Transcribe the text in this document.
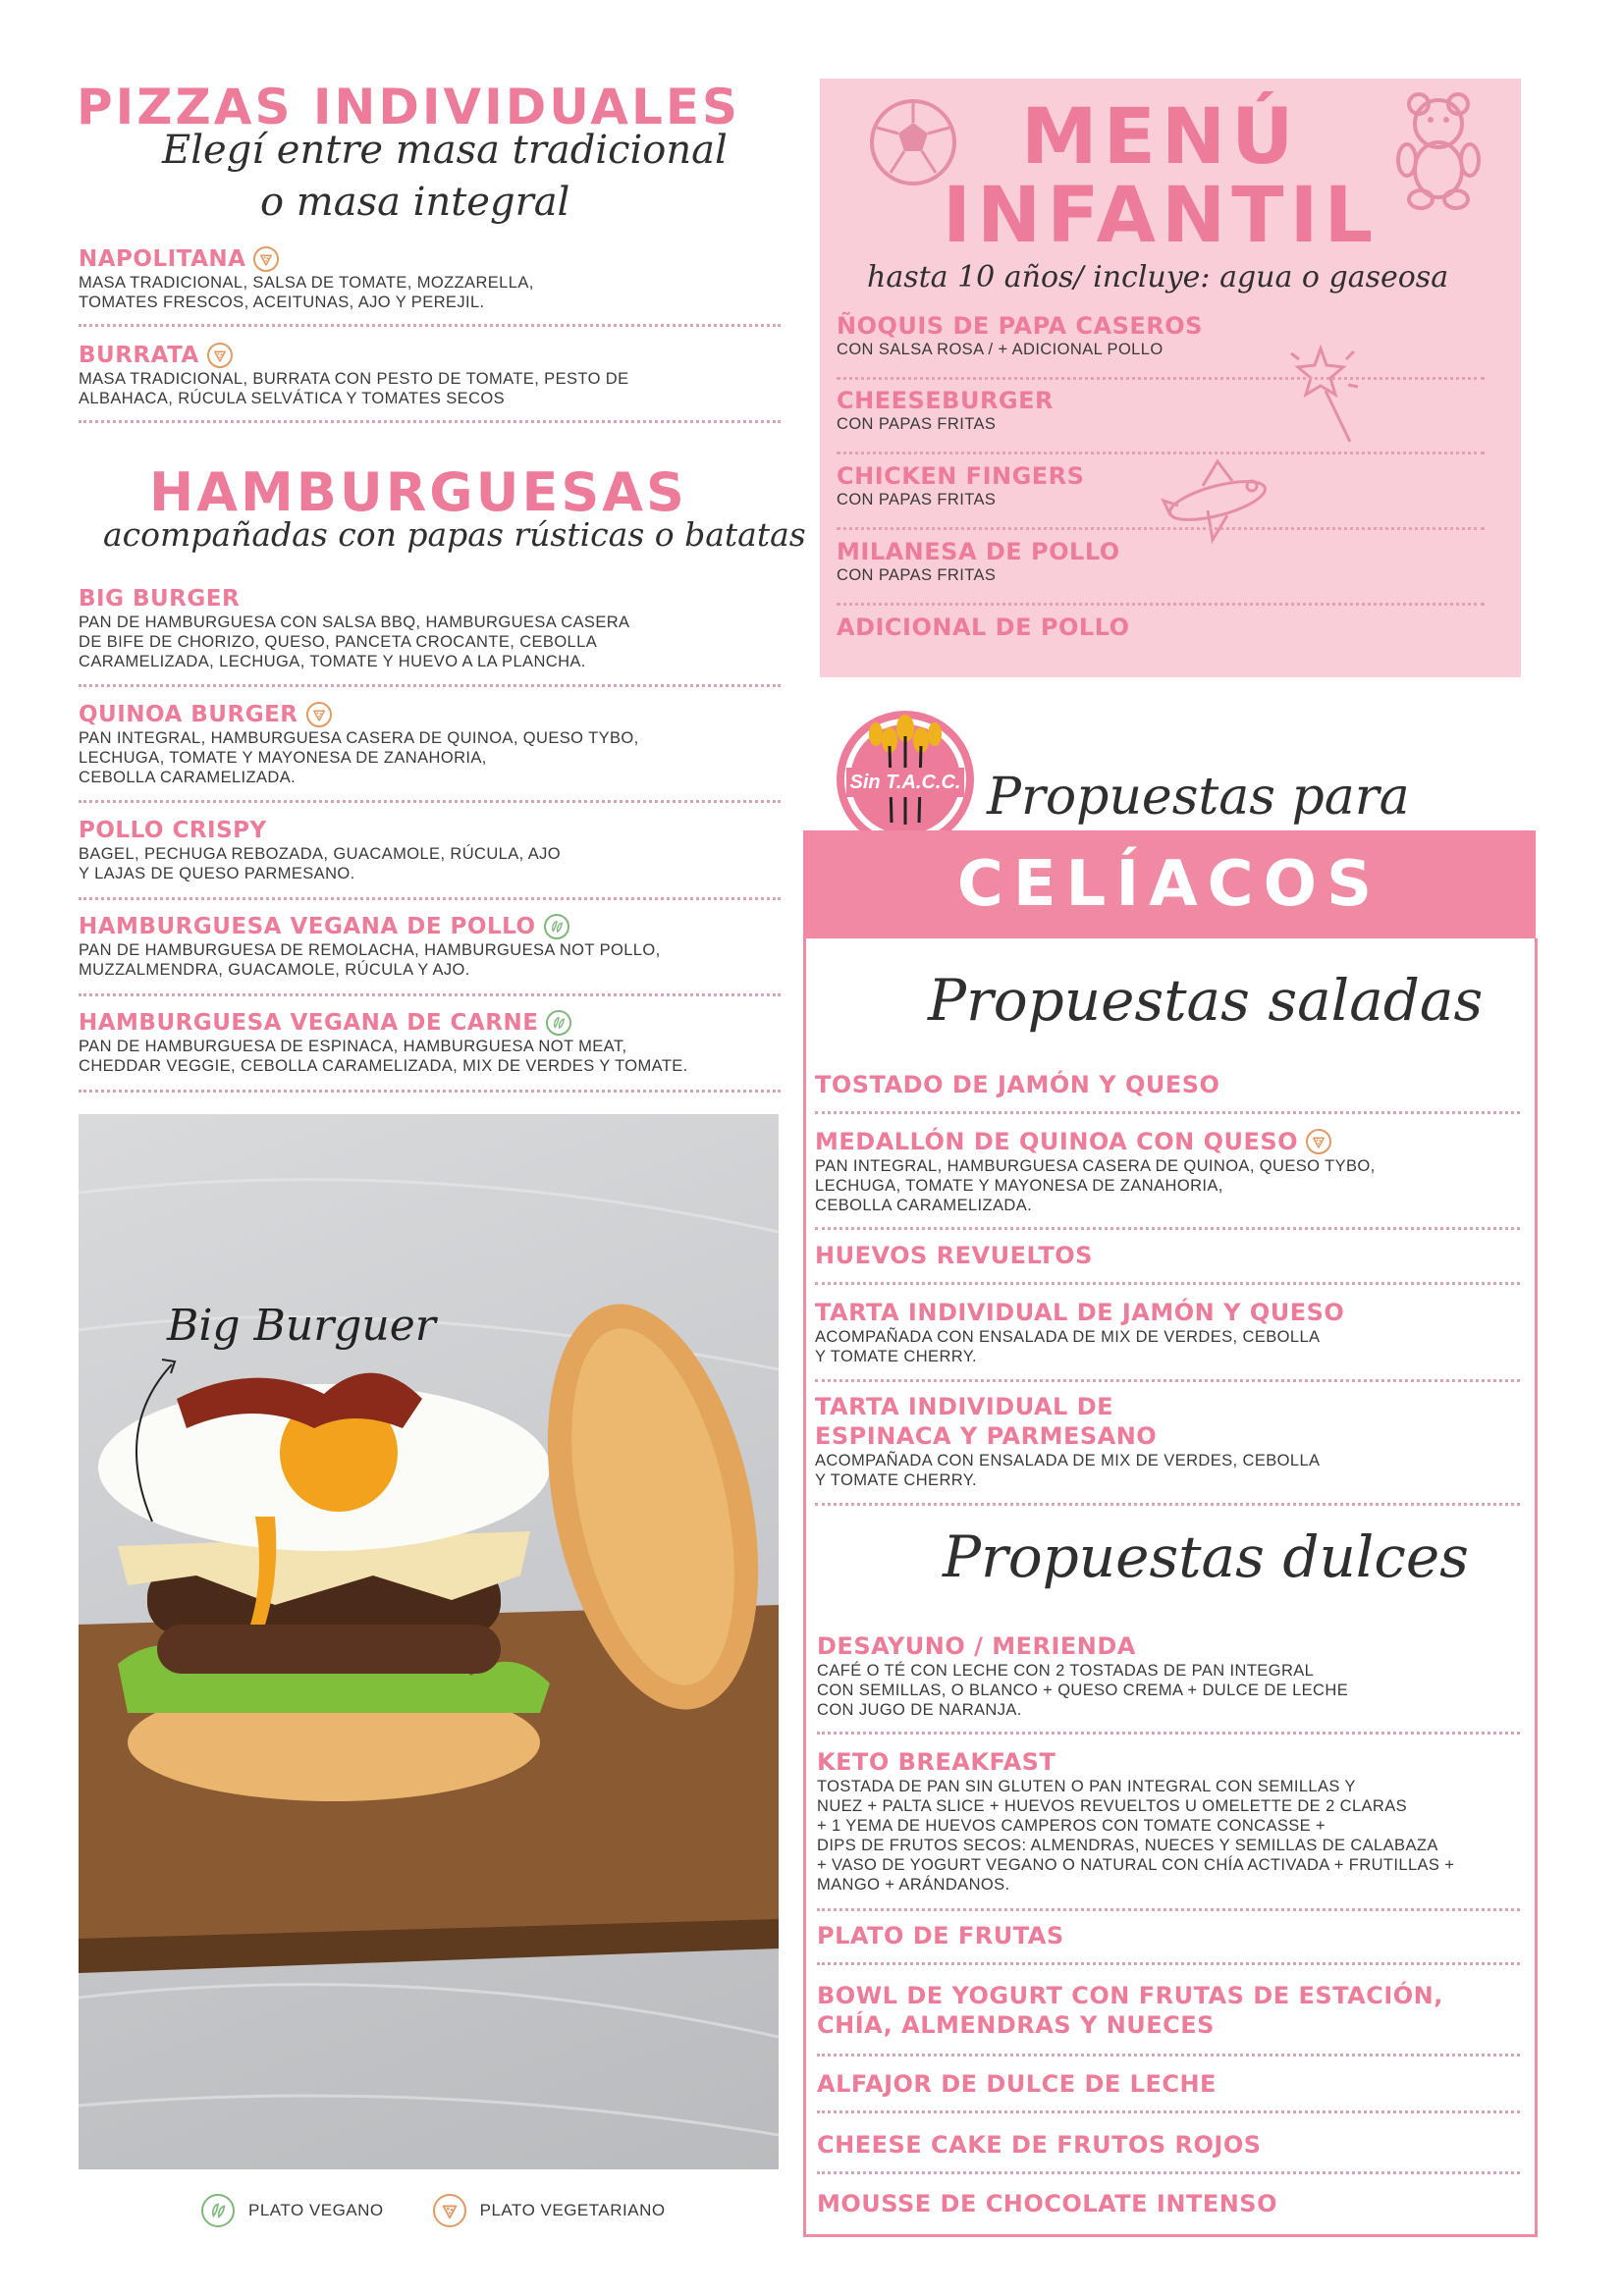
PIZZAS INDIVIDUALES
Elegí entre masa tradicional
o masa integral
NAPOLITANA
MASA TRADICIONAL, SALSA DE TOMATE, MOZZARELLA,
TOMATES FRESCOS, ACEITUNAS, AJO Y PEREJIL.
BURRATA
MASA TRADICIONAL, BURRATA CON PESTO DE TOMATE, PESTO DE
ALBAHACA, RÚCULA SELVÁTICA Y TOMATES SECOS
HAMBURGUESAS
acompañadas con papas rústicas o batatas
BIG BURGER
PAN DE HAMBURGUESA CON SALSA BBQ, HAMBURGUESA CASERA
DE BIFE DE CHORIZO, QUESO, PANCETA CROCANTE, CEBOLLA
CARAMELIZADA, LECHUGA, TOMATE Y HUEVO A LA PLANCHA.
QUINOA BURGER
PAN INTEGRAL, HAMBURGUESA CASERA DE QUINOA, QUESO TYBO,
LECHUGA, TOMATE Y MAYONESA DE ZANAHORIA,
CEBOLLA CARAMELIZADA.
POLLO CRISPY
BAGEL, PECHUGA REBOZADA, GUACAMOLE, RÚCULA, AJO
Y LAJAS DE QUESO PARMESANO.
HAMBURGUESA VEGANA DE POLLO
PAN DE HAMBURGUESA DE REMOLACHA, HAMBURGUESA NOT POLLO,
MUZZALMENDRA, GUACAMOLE, RÚCULA Y AJO.
HAMBURGUESA VEGANA DE CARNE
PAN DE HAMBURGUESA DE ESPINACA, HAMBURGUESA NOT MEAT,
CHEDDAR VEGGIE, CEBOLLA CARAMELIZADA, MIX DE VERDES Y TOMATE.
Big Burguer
PLATO VEGANO	PLATO VEGETARIANO
MENÚ
INFANTIL
hasta 10 años/ incluye: agua o gaseosa
ÑOQUIS DE PAPA CASEROS
CON SALSA ROSA / + ADICIONAL POLLO
CHEESEBURGER
CON PAPAS FRITAS
CHICKEN FINGERS
CON PAPAS FRITAS
MILANESA DE POLLO
CON PAPAS FRITAS
ADICIONAL DE POLLO
Sin T.A.C.C. Propuestas para
CELÍACOS
Propuestas saladas
TOSTADO DE JAMÓN Y QUESO
MEDALLÓN DE QUINOA CON QUESO
PAN INTEGRAL, HAMBURGUESA CASERA DE QUINOA, QUESO TYBO,
LECHUGA, TOMATE Y MAYONESA DE ZANAHORIA,
CEBOLLA CARAMELIZADA.
HUEVOS REVUELTOS
TARTA INDIVIDUAL DE JAMÓN Y QUESO
ACOMPAÑADA CON ENSALADA DE MIX DE VERDES, CEBOLLA
Y TOMATE CHERRY.
TARTA INDIVIDUAL DE
ESPINACA Y PARMESANO
ACOMPAÑADA CON ENSALADA DE MIX DE VERDES, CEBOLLA
Y TOMATE CHERRY.
Propuestas dulces
DESAYUNO / MERIENDA
CAFÉ O TÉ CON LECHE CON 2 TOSTADAS DE PAN INTEGRAL
CON SEMILLAS, O BLANCO + QUESO CREMA + DULCE DE LECHE
CON JUGO DE NARANJA.
KETO BREAKFAST
TOSTADA DE PAN SIN GLUTEN O PAN INTEGRAL CON SEMILLAS Y
NUEZ + PALTA SLICE + HUEVOS REVUELTOS U OMELETTE DE 2 CLARAS
+ 1 YEMA DE HUEVOS CAMPEROS CON TOMATE CONCASSE +
DIPS DE FRUTOS SECOS: ALMENDRAS, NUECES Y SEMILLAS DE CALABAZA
+ VASO DE YOGURT VEGANO O NATURAL CON CHÍA ACTIVADA + FRUTILLAS +
MANGO + ARÁNDANOS.
PLATO DE FRUTAS
BOWL DE YOGURT CON FRUTAS DE ESTACIÓN,
CHÍA, ALMENDRAS Y NUECES
ALFAJOR DE DULCE DE LECHE
CHEESE CAKE DE FRUTOS ROJOS
MOUSSE DE CHOCOLATE INTENSO
